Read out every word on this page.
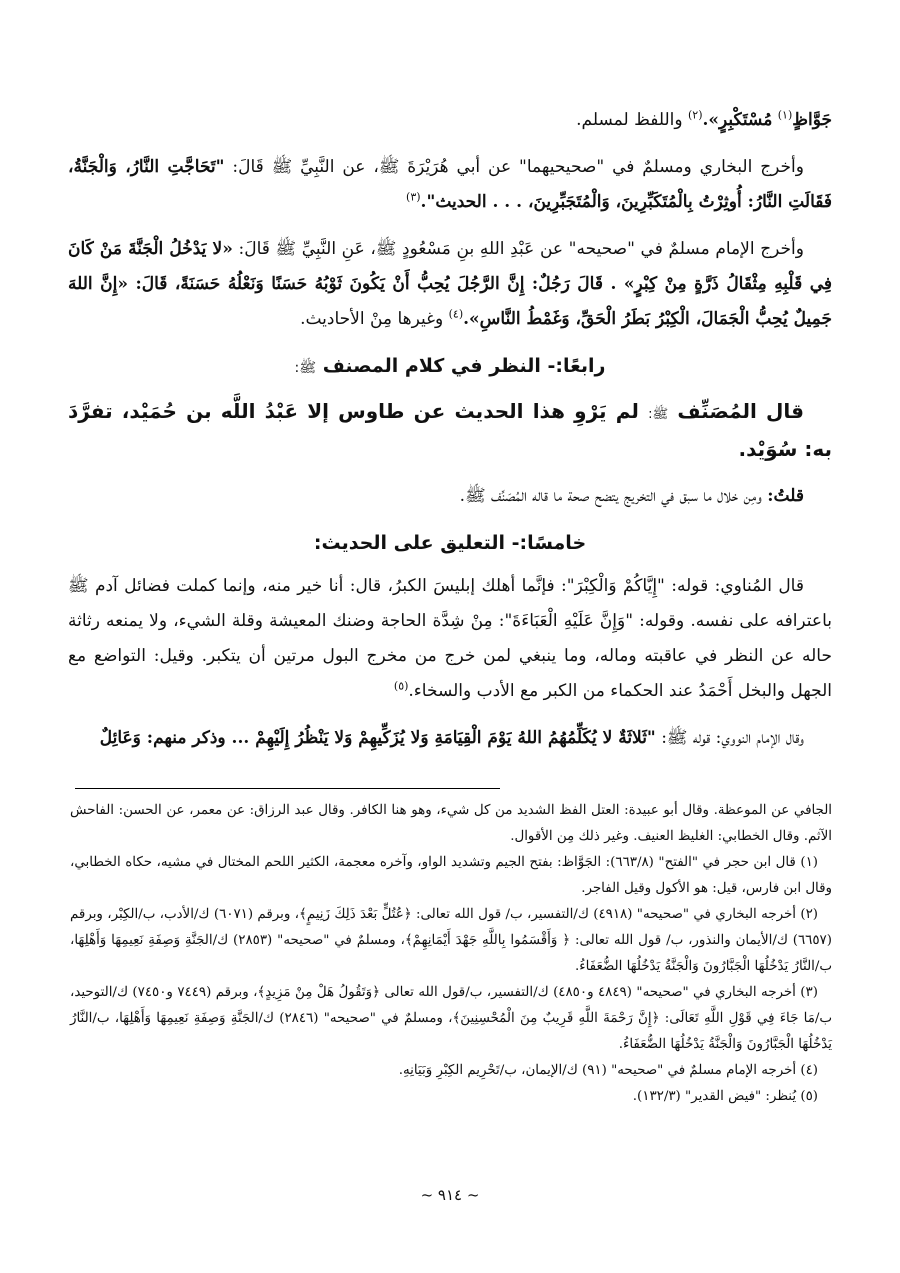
جَوَّاظٍ$^{(١)}$ مُسْتَكْبِرٍ».$^{(٢)}$ واللفظ لمسلم.

وأخرج البخاري ومسلمٌ في "صحيحيهما" عن أبي هُرَيْرَةَ ﷺ، عن النَّبِيِّ ﷺ قَالَ: "تَحَاجَّتِ النَّارُ، وَالْجَنَّةُ، فَقَالَتِ النَّارُ: أُوثِرْتُ بِالْمُتَكَبِّرِينَ، وَالْمُتَجَبِّرِينَ، . . . الحديث".$^{(٣)}$

وأخرج الإمام مسلمٌ في "صحيحه" عن عَبْدِ اللهِ بنِ مَسْعُودٍ ﷺ، عَنِ النَّبِيِّ ﷺ قَالَ: «لا يَدْخُلُ الْجَنَّةَ مَنْ كَانَ فِي قَلْبِهِ مِثْقَالُ ذَرَّةٍ مِنْ كِبْرٍ» . قَالَ رَجُلٌ: إِنَّ الرَّجُلَ يُحِبُّ أَنْ يَكُونَ ثَوْبُهُ حَسَنًا وَنَعْلُهُ حَسَنَةً، قَالَ: «إِنَّ اللهَ جَمِيلٌ يُحِبُّ الْجَمَالَ، الْكِبْرُ بَطَرُ الْحَقِّ، وَغَمْطُ النَّاسِ».$^{(٤)}$ وغيرها مِنْ الأحاديث.

رابعًا:- النظر في كلام المصنف ﷺ:

قال المُصَنِّف ﷺ: لم يَرْوِ هذا الحديث عن طاوس إلا عَبْدُ اللَّه بن حُمَيْد، تفرَّدَ به: سُوَيْد.

قلتُ: ومِن خلال ما سبق في التخريج يتضح صحة ما قاله المُصَنِّف ﷺ.

خامسًا:- التعليق على الحديث:

قال المُناوي: قوله: "إِيَّاكُمْ وَالْكِبْرَ": فإنَّما أهلك إبليسَ الكبرُ، قال: أنا خير منه، وإنما كملت فضائل آدم ﷺ باعترافه على نفسه. وقوله: "وَإِنَّ عَلَيْهِ الْعَبَاءَةَ": مِنْ شِدَّة الحاجة وضنك المعيشة وقلة الشيء، ولا يمنعه رثاثة حاله عن النظر في عاقبته وماله، وما ينبغي لمن خرج من مخرج البول مرتين أن يتكبر. وقيل: التواضع مع الجهل والبخل أَحْمَدُ عند الحكماء من الكبر مع الأدب والسخاء.$^{(٥)}$

وقال الإمام النووي: قوله ﷺ: "ثَلاثَةٌ لا يُكَلِّمُهُمُ اللهُ يَوْمَ الْقِيَامَةِ وَلا يُزَكِّيهِمْ وَلا يَنْظُرُ إِلَيْهِمْ ... وذكر منهم: وَعَائِلٌ

الجافي عن الموعظة. وقال أبو عبيدة: العتل الفظ الشديد من كل شيء، وهو هنا الكافر. وقال عبد الرزاق: عن معمر، عن الحسن: الفاحش الآثم. وقال الخطابي: الغليظ العنيف. وغير ذلك مِن الأقوال.

(١) قال ابن حجر في "الفتح" (٦٦٣/٨): الجَوَّاظ: بفتح الجيم وتشديد الواو، وآخره معجمة، الكثير اللحم المختال في مشيه، حكاه الخطابي، وقال ابن فارس، قيل: هو الأكول وقيل الفاجر.

(٢) أخرجه البخاري في "صحيحه" (٤٩١٨) ك/التفسير، ب/ قول الله تعالى: ﴿عُتُلٍّ بَعْدَ ذَلِكَ زَنِيمٍ﴾، وبرقم (٦٠٧١) ك/الأدب، ب/الكِبْر، وبرقم (٦٦٥٧) ك/الأيمان والنذور، ب/ قول الله تعالى: ﴿ وَأَقْسَمُوا بِاللَّهِ جَهْدَ أَيْمَانِهِمْ﴾، ومسلمٌ في "صحيحه" (٢٨٥٣) ك/الجَنَّةِ وَصِفَةِ نَعِيمِهَا وَأَهْلِهَا، ب/النَّارُ يَدْخُلُهَا الْجَبَّارُونَ وَالْجَنَّةُ يَدْخُلُهَا الضُّعَفَاءُ.

(٣) أخرجه البخاري في "صحيحه" (٤٨٤٩ و٤٨٥٠) ك/التفسير، ب/قول الله تعالى ﴿وَتَقُولُ هَلْ مِنْ مَزِيدٍ﴾، وبرقم (٧٤٤٩ و٧٤٥٠) ك/التوحيد، ب/مَا جَاءَ فِي قَوْلِ اللَّهِ تَعَالَى: ﴿إِنَّ رَحْمَةَ اللَّهِ قَرِيبٌ مِنَ الْمُحْسِنِينَ﴾، ومسلمٌ في "صحيحه" (٢٨٤٦) ك/الجَنَّةِ وَصِفَةِ نَعِيمِهَا وَأَهْلِهَا، ب/النَّارُ يَدْخُلُهَا الْجَبَّارُونَ وَالْجَنَّةُ يَدْخُلُهَا الضُّعَفَاءُ.

(٤) أخرجه الإمام مسلمٌ في "صحيحه" (٩١) ك/الإيمان، ب/تَحْرِيم الكِبْرِ وَبَيَانِهِ.

(٥) يُنظر: "فيض القدير" (١٣٢/٣).

~ ٩١٤ ~
